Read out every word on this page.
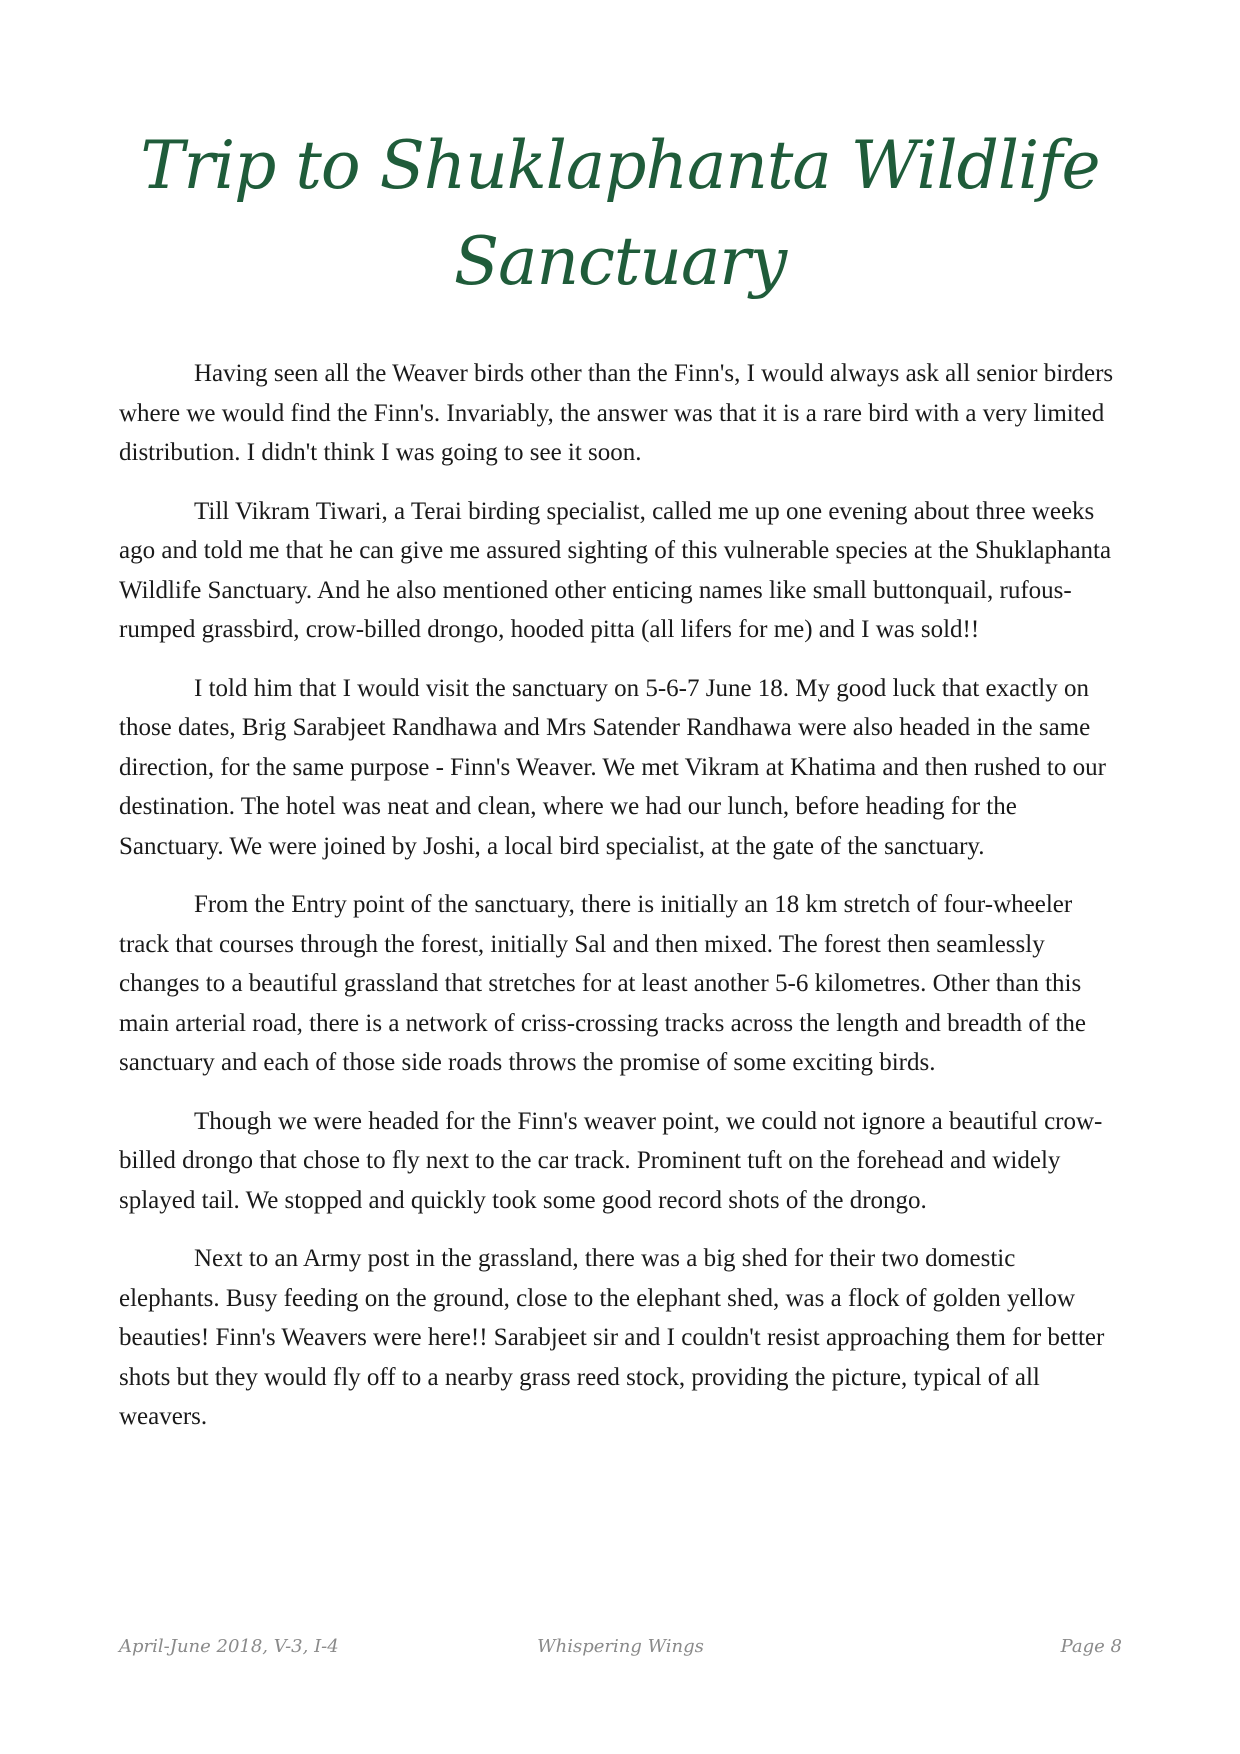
Trip to Shuklaphanta Wildlife Sanctuary

Having seen all the Weaver birds other than the Finn's, I would always ask all senior birders where we would find the Finn's. Invariably, the answer was that it is a rare bird with a very limited distribution. I didn't think I was going to see it soon.

Till Vikram Tiwari, a Terai birding specialist, called me up one evening about three weeks ago and told me that he can give me assured sighting of this vulnerable species at the Shuklaphanta Wildlife Sanctuary. And he also mentioned other enticing names like small buttonquail, rufous-rumped grassbird, crow-billed drongo, hooded pitta (all lifers for me) and I was sold!!

I told him that I would visit the sanctuary on 5-6-7 June 18. My good luck that exactly on those dates, Brig Sarabjeet Randhawa and Mrs Satender Randhawa were also headed in the same direction, for the same purpose - Finn's Weaver. We met Vikram at Khatima and then rushed to our destination. The hotel was neat and clean, where we had our lunch, before heading for the Sanctuary. We were joined by Joshi, a local bird specialist, at the gate of the sanctuary.

From the Entry point of the sanctuary, there is initially an 18 km stretch of four-wheeler track that courses through the forest, initially Sal and then mixed. The forest then seamlessly changes to a beautiful grassland that stretches for at least another 5-6 kilometres. Other than this main arterial road, there is a network of criss-crossing tracks across the length and breadth of the sanctuary and each of those side roads throws the promise of some exciting birds.

Though we were headed for the Finn's weaver point, we could not ignore a beautiful crow-billed drongo that chose to fly next to the car track. Prominent tuft on the forehead and widely splayed tail. We stopped and quickly took some good record shots of the drongo.

Next to an Army post in the grassland, there was a big shed for their two domestic elephants. Busy feeding on the ground, close to the elephant shed, was a flock of golden yellow beauties! Finn's Weavers were here!! Sarabjeet sir and I couldn't resist approaching them for better shots but they would fly off to a nearby grass reed stock, providing the picture, typical of all weavers.

April-June 2018, V-3, I-4	Whispering Wings	Page 8
